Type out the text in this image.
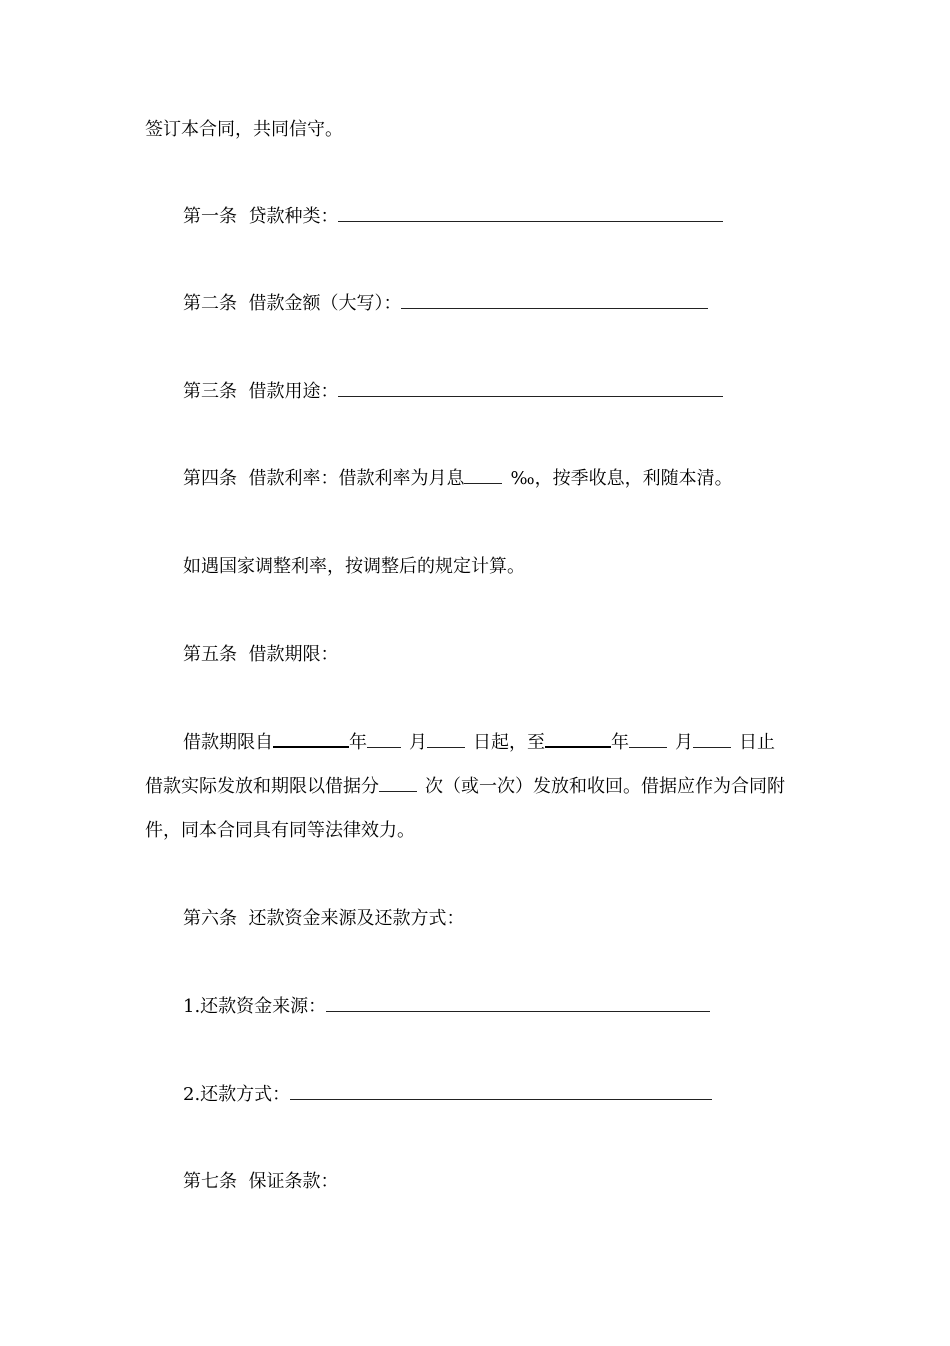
签订本合同，共同信守。
第一条  贷款种类：
第二条  借款金额（大写）：
第三条  借款用途：
第四条  借款利率：借款利率为月息	‰，按季收息，利随本清。
如遇国家调整利率，按调整后的规定计算。
第五条  借款期限：
借款期限自	年 月	日起，至	年	月	日止
借款实际发放和期限以借据分	次（或一次）发放和收回。借据应作为合同附
件，同本合同具有同等法律效力。
第六条  还款资金来源及还款方式：
1.还款资金来源：
2.还款方式：
第七条  保证条款：
